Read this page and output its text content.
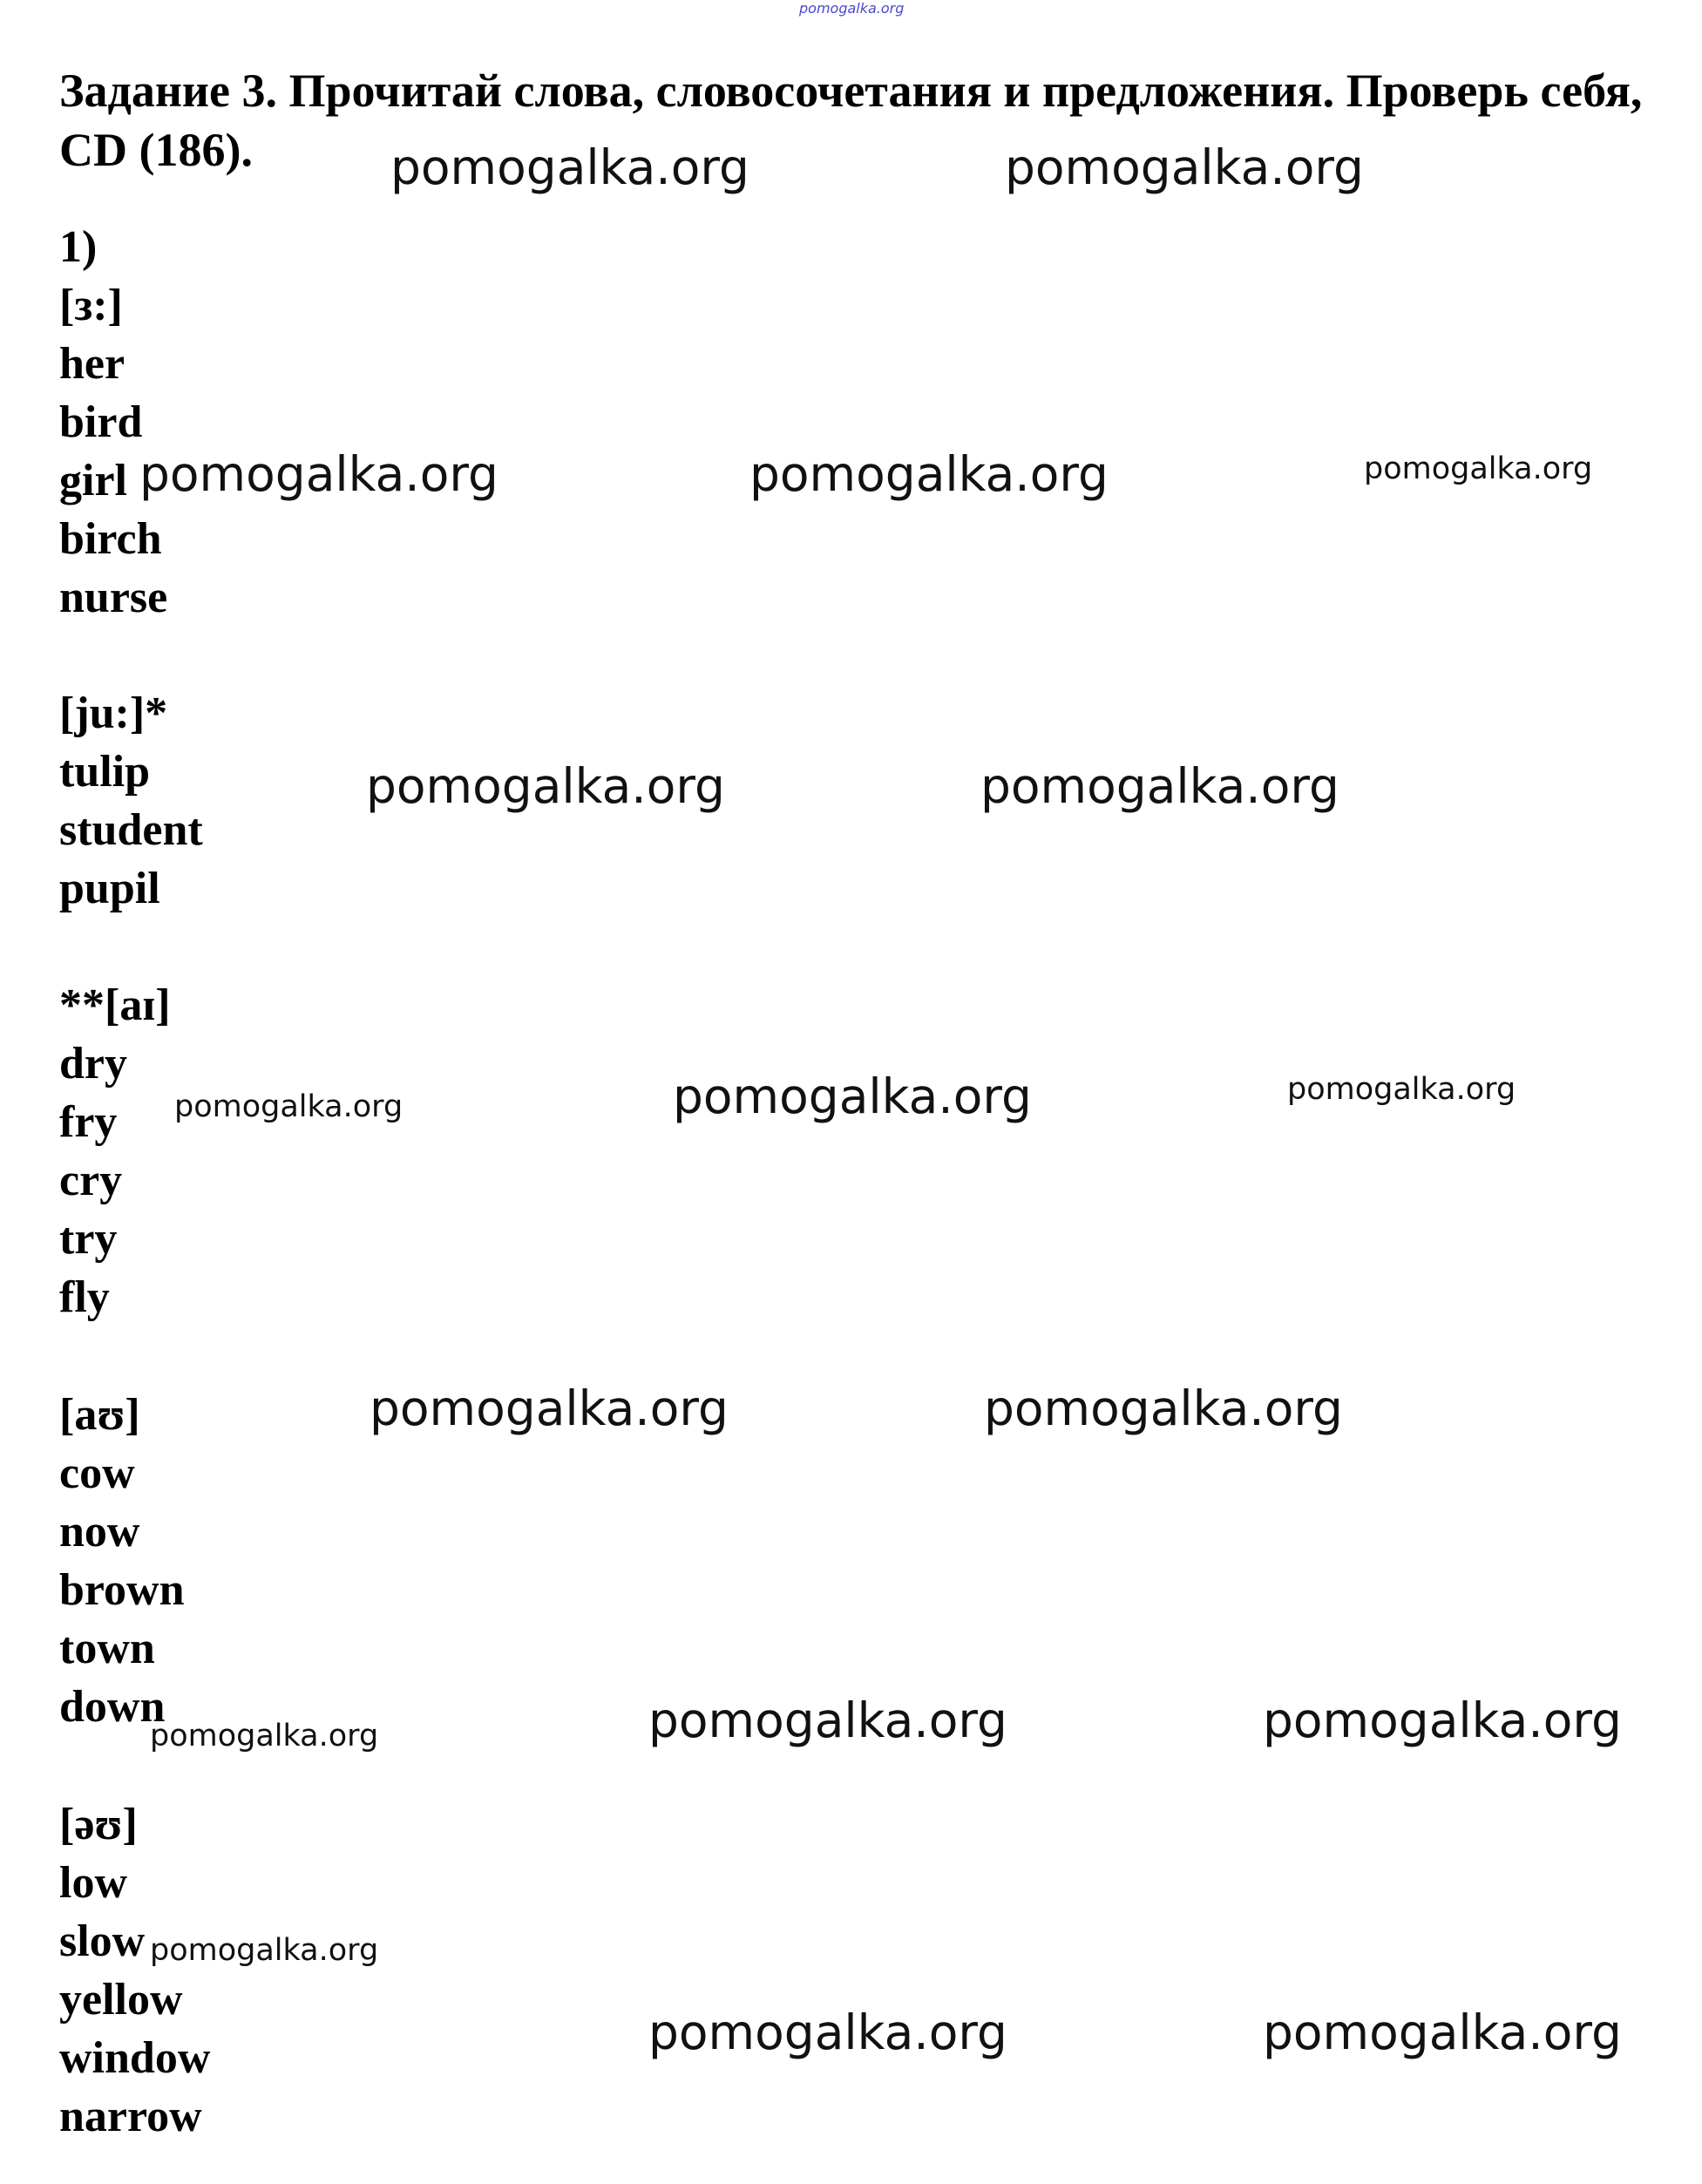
pomogalka.org
Задание 3. Прочитай слова, словосочетания и предложения. Проверь себя, CD (186).
1)
[з:]
her
bird
girl
birch
nurse
[ju:]*
tulip
student
pupil
**[aɪ]
dry
fry
cry
try
fly
[aʊ]
cow
now
brown
town
down
[əʊ]
low
slow
yellow
window
narrow
pomogalka.org	pomogalka.org
pomogalka.org	pomogalka.org	pomogalka.org
pomogalka.org	pomogalka.org
pomogalka.org	pomogalka.org	pomogalka.org
pomogalka.org	pomogalka.org
pomogalka.org	pomogalka.org	pomogalka.org
pomogalka.org
pomogalka.org	pomogalka.org
